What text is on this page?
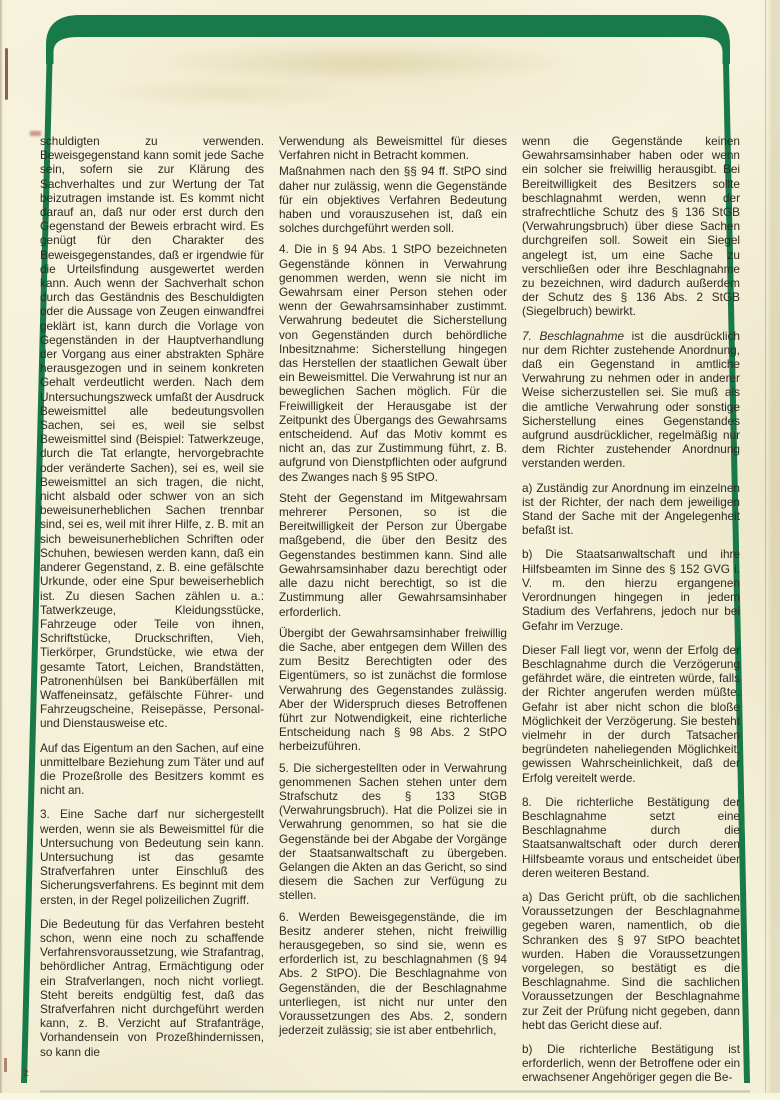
schuldigten zu verwenden. Beweisgegenstand kann somit jede Sache sein, sofern sie zur Klärung des Sachverhaltes und zur Wertung der Tat beizutragen imstande ist. Es kommt nicht darauf an, daß nur oder erst durch den Gegenstand der Beweis erbracht wird. Es genügt für den Charakter des Beweisgegenstandes, daß er irgendwie für die Urteilsfindung ausgewertet werden kann. Auch wenn der Sachverhalt schon durch das Geständnis des Beschuldigten oder die Aussage von Zeugen einwandfrei geklärt ist, kann durch die Vorlage von Gegenständen in der Hauptverhandlung der Vorgang aus einer abstrakten Sphäre herausgezogen und in seinem konkreten Gehalt verdeutlicht werden. Nach dem Untersuchungszweck umfaßt der Ausdruck Beweismittel alle bedeutungsvollen Sachen, sei es, weil sie selbst Beweismittel sind (Beispiel: Tatwerkzeuge, durch die Tat erlangte, hervorgebrachte oder veränderte Sachen), sei es, weil sie Beweismittel an sich tragen, die nicht, nicht alsbald oder schwer von an sich beweisunerheblichen Sachen trennbar sind, sei es, weil mit ihrer Hilfe, z. B. mit an sich beweisunerheblichen Schriften oder Schuhen, bewiesen werden kann, daß ein anderer Gegenstand, z. B. eine gefälschte Urkunde, oder eine Spur beweiserheblich ist. Zu diesen Sachen zählen u. a.: Tatwerkzeuge, Kleidungsstücke, Fahrzeuge oder Teile von ihnen, Schriftstücke, Druckschriften, Vieh, Tierkörper, Grundstücke, wie etwa der gesamte Tatort, Leichen, Brandstätten, Patronenhülsen bei Banküberfällen mit Waffeneinsatz, gefälschte Führer- und Fahrzeugscheine, Reisepässe, Personal- und Dienstausweise etc.

Auf das Eigentum an den Sachen, auf eine unmittelbare Beziehung zum Täter und auf die Prozeßrolle des Besitzers kommt es nicht an.

3. Eine Sache darf nur sichergestellt werden, wenn sie als Beweismittel für die Untersuchung von Bedeutung sein kann. Untersuchung ist das gesamte Strafverfahren unter Einschluß des Sicherungsverfahrens. Es beginnt mit dem ersten, in der Regel polizeilichen Zugriff.

Die Bedeutung für das Verfahren besteht schon, wenn eine noch zu schaffende Verfahrensvoraussetzung, wie Strafantrag, behördlicher Antrag, Ermächtigung oder ein Strafverlangen, noch nicht vorliegt. Steht bereits endgültig fest, daß das Strafverfahren nicht durchgeführt werden kann, z. B. Verzicht auf Strafanträge, Vorhandensein von Prozeßhindernissen, so kann die

Verwendung als Beweismittel für dieses Verfahren nicht in Betracht kommen.

Maßnahmen nach den §§ 94 ff. StPO sind daher nur zulässig, wenn die Gegenstände für ein objektives Verfahren Bedeutung haben und vorauszusehen ist, daß ein solches durchgeführt werden soll.

4. Die in § 94 Abs. 1 StPO bezeichneten Gegenstände können in Verwahrung genommen werden, wenn sie nicht im Gewahrsam einer Person stehen oder wenn der Gewahrsamsinhaber zustimmt. Verwahrung bedeutet die Sicherstellung von Gegenständen durch behördliche Inbesitznahme: Sicherstellung hingegen das Herstellen der staatlichen Gewalt über ein Beweismittel. Die Verwahrung ist nur an beweglichen Sachen möglich. Für die Freiwilligkeit der Herausgabe ist der Zeitpunkt des Übergangs des Gewahrsams entscheidend. Auf das Motiv kommt es nicht an, das zur Zustimmung führt, z. B. aufgrund von Dienstpflichten oder aufgrund des Zwanges nach § 95 StPO.

Steht der Gegenstand im Mitgewahrsam mehrerer Personen, so ist die Bereitwilligkeit der Person zur Übergabe maßgebend, die über den Besitz des Gegenstandes bestimmen kann. Sind alle Gewahrsamsinhaber dazu berechtigt oder alle dazu nicht berechtigt, so ist die Zustimmung aller Gewahrsamsinhaber erforderlich.

Übergibt der Gewahrsamsinhaber freiwillig die Sache, aber entgegen dem Willen des zum Besitz Berechtigten oder des Eigentümers, so ist zunächst die formlose Verwahrung des Gegenstandes zulässig. Aber der Widerspruch dieses Betroffenen führt zur Notwendigkeit, eine richterliche Entscheidung nach § 98 Abs. 2 StPO herbeizuführen.

5. Die sichergestellten oder in Verwahrung genommenen Sachen stehen unter dem Strafschutz des § 133 StGB (Verwahrungsbruch). Hat die Polizei sie in Verwahrung genommen, so hat sie die Gegenstände bei der Abgabe der Vorgänge der Staatsanwaltschaft zu übergeben. Gelangen die Akten an das Gericht, so sind diesem die Sachen zur Verfügung zu stellen.

6. Werden Beweisgegenstände, die im Besitz anderer stehen, nicht freiwillig herausgegeben, so sind sie, wenn es erforderlich ist, zu beschlagnahmen (§ 94 Abs. 2 StPO). Die Beschlagnahme von Gegenständen, die der Beschlagnahme unterliegen, ist nicht nur unter den Voraussetzungen des Abs. 2, sondern jederzeit zulässig; sie ist aber entbehrlich,

wenn die Gegenstände keinen Gewahrsamsinhaber haben oder wenn ein solcher sie freiwillig herausgibt. Bei Bereitwilligkeit des Besitzers sollte beschlagnahmt werden, wenn der strafrechtliche Schutz des § 136 StGB (Verwahrungsbruch) über diese Sachen durchgreifen soll. Soweit ein Siegel angelegt ist, um eine Sache zu verschließen oder ihre Beschlagnahme zu bezeichnen, wird dadurch außerdem der Schutz des § 136 Abs. 2 StGB (Siegelbruch) bewirkt.

7. Beschlagnahme ist die ausdrücklich nur dem Richter zustehende Anordnung, daß ein Gegenstand in amtliche Verwahrung zu nehmen oder in anderer Weise sicherzustellen sei. Sie muß als die amtliche Verwahrung oder sonstige Sicherstellung eines Gegenstandes aufgrund ausdrücklicher, regelmäßig nur dem Richter zustehender Anordnung verstanden werden.

a) Zuständig zur Anordnung im einzelnen ist der Richter, der nach dem jeweiligen Stand der Sache mit der Angelegenheit befaßt ist.

b) Die Staatsanwaltschaft und ihre Hilfsbeamten im Sinne des § 152 GVG i. V. m. den hierzu ergangenen Verordnungen hingegen in jedem Stadium des Verfahrens, jedoch nur bei Gefahr im Verzuge.

Dieser Fall liegt vor, wenn der Erfolg der Beschlagnahme durch die Verzögerung gefährdet wäre, die eintreten würde, falls der Richter angerufen werden müßte. Gefahr ist aber nicht schon die bloße Möglichkeit der Verzögerung. Sie besteht vielmehr in der durch Tatsachen begründeten naheliegenden Möglichkeit, gewissen Wahrscheinlichkeit, daß der Erfolg vereitelt werde.

8. Die richterliche Bestätigung der Beschlagnahme setzt eine Beschlagnahme durch die Staatsanwaltschaft oder durch deren Hilfsbeamte voraus und entscheidet über deren weiteren Bestand.

a) Das Gericht prüft, ob die sachlichen Voraussetzungen der Beschlagnahme gegeben waren, namentlich, ob die Schranken des § 97 StPO beachtet wurden. Haben die Voraussetzungen vorgelegen, so bestätigt es die Beschlagnahme. Sind die sachlichen Voraussetzungen der Beschlagnahme zur Zeit der Prüfung nicht gegeben, dann hebt das Gericht diese auf.

b) Die richterliche Bestätigung ist erforderlich, wenn der Betroffene oder ein erwachsener Angehöriger gegen die Be-

2
